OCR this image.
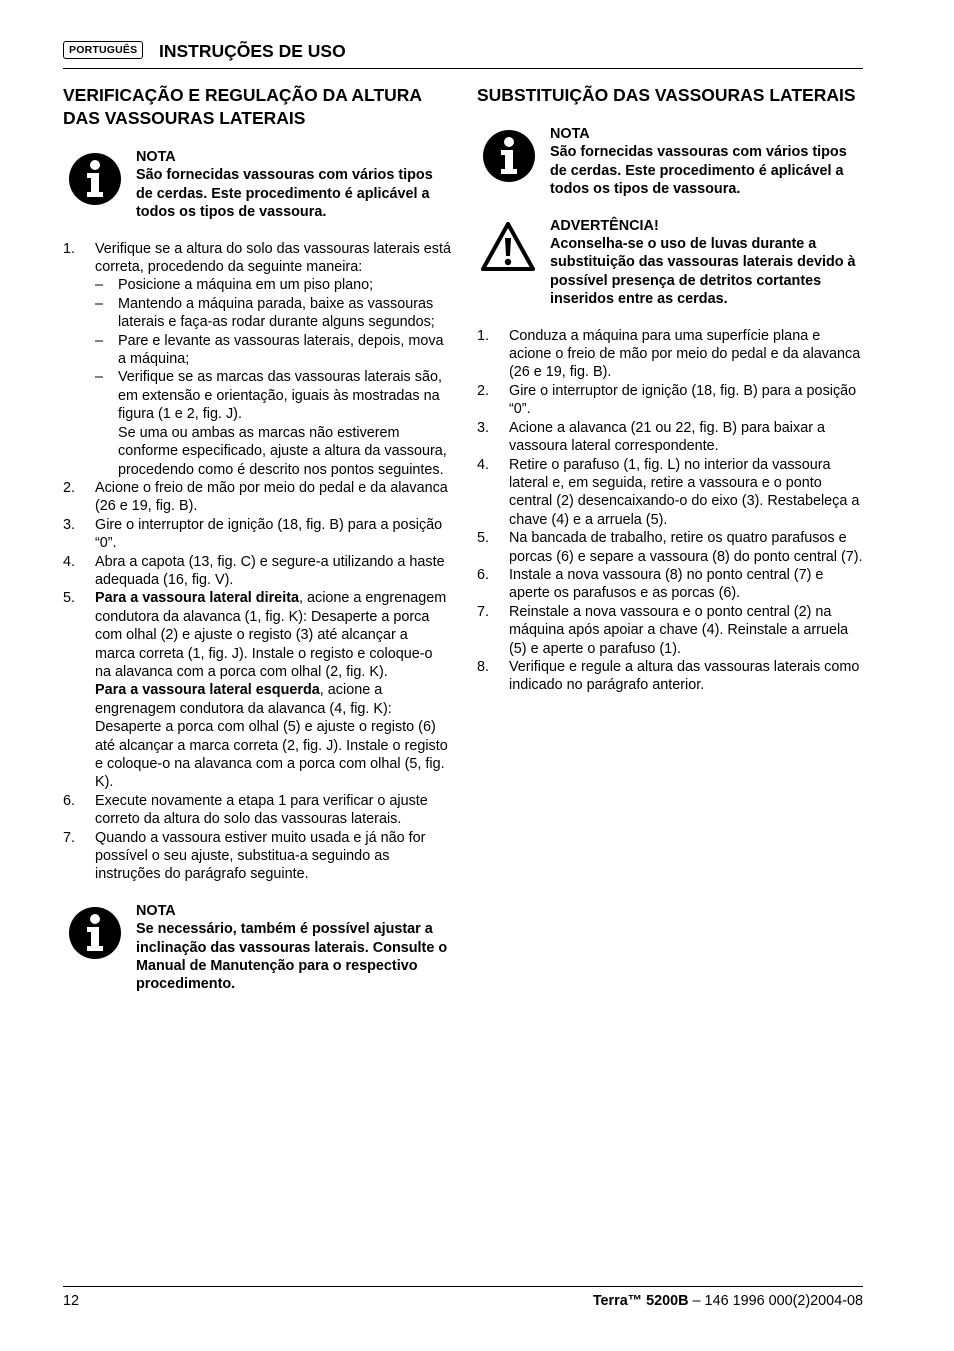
PORTUGUÊS	INSTRUÇÕES DE USO
VERIFICAÇÃO E REGULAÇÃO DA ALTURA DAS VASSOURAS LATERAIS
NOTA
São fornecidas vassouras com vários tipos de cerdas. Este procedimento é aplicável a todos os tipos de vassoura.
1. Verifique se a altura do solo das vassouras laterais está correta, procedendo da seguinte maneira:
– Posicione a máquina em um piso plano;
– Mantendo a máquina parada, baixe as vassouras laterais e faça-as rodar durante alguns segundos;
– Pare e levante as vassouras laterais, depois, mova a máquina;
– Verifique se as marcas das vassouras laterais são, em extensão e orientação, iguais às mostradas na figura (1 e 2, fig. J).
Se uma ou ambas as marcas não estiverem conforme especificado, ajuste a altura da vassoura, procedendo como é descrito nos pontos seguintes.
2. Acione o freio de mão por meio do pedal e da alavanca (26 e 19, fig. B).
3. Gire o interruptor de ignição (18, fig. B) para a posição “0”.
4. Abra a capota (13, fig. C) e segure-a utilizando a haste adequada (16, fig. V).
5. Para a vassoura lateral direita, acione a engrenagem condutora da alavanca (1, fig. K): Desaperte a porca com olhal (2) e ajuste o registo (3) até alcançar a marca correta (1, fig. J). Instale o registo e coloque-o na alavanca com a porca com olhal (2, fig. K).
Para a vassoura lateral esquerda, acione a engrenagem condutora da alavanca (4, fig. K): Desaperte a porca com olhal (5) e ajuste o registo (6) até alcançar a marca correta (2, fig. J). Instale o registo e coloque-o na alavanca com a porca com olhal (5, fig. K).
6. Execute novamente a etapa 1 para verificar o ajuste correto da altura do solo das vassouras laterais.
7. Quando a vassoura estiver muito usada e já não for possível o seu ajuste, substitua-a seguindo as instruções do parágrafo seguinte.
NOTA
Se necessário, também é possível ajustar a inclinação das vassouras laterais. Consulte o Manual de Manutenção para o respectivo procedimento.
SUBSTITUIÇÃO DAS VASSOURAS LATERAIS
NOTA
São fornecidas vassouras com vários tipos de cerdas. Este procedimento é aplicável a todos os tipos de vassoura.
ADVERTÊNCIA!
Aconselha-se o uso de luvas durante a substituição das vassouras laterais devido à possível presença de detritos cortantes inseridos entre as cerdas.
1. Conduza a máquina para uma superfície plana e acione o freio de mão por meio do pedal e da alavanca (26 e 19, fig. B).
2. Gire o interruptor de ignição (18, fig. B) para a posição “0”.
3. Acione a alavanca (21 ou 22, fig. B) para baixar a vassoura lateral correspondente.
4. Retire o parafuso (1, fig. L) no interior da vassoura lateral e, em seguida, retire a vassoura e o ponto central (2) desencaixando-o do eixo (3). Restabeleça a chave (4) e a arruela (5).
5. Na bancada de trabalho, retire os quatro parafusos e porcas (6) e separe a vassoura (8) do ponto central (7).
6. Instale a nova vassoura (8) no ponto central (7) e aperte os parafusos e as porcas (6).
7. Reinstale a nova vassoura e o ponto central (2) na máquina após apoiar a chave (4). Reinstale a arruela (5) e aperte o parafuso (1).
8. Verifique e regule a altura das vassouras laterais como indicado no parágrafo anterior.
12	Terra™ 5200B – 146 1996 000(2)2004-08
